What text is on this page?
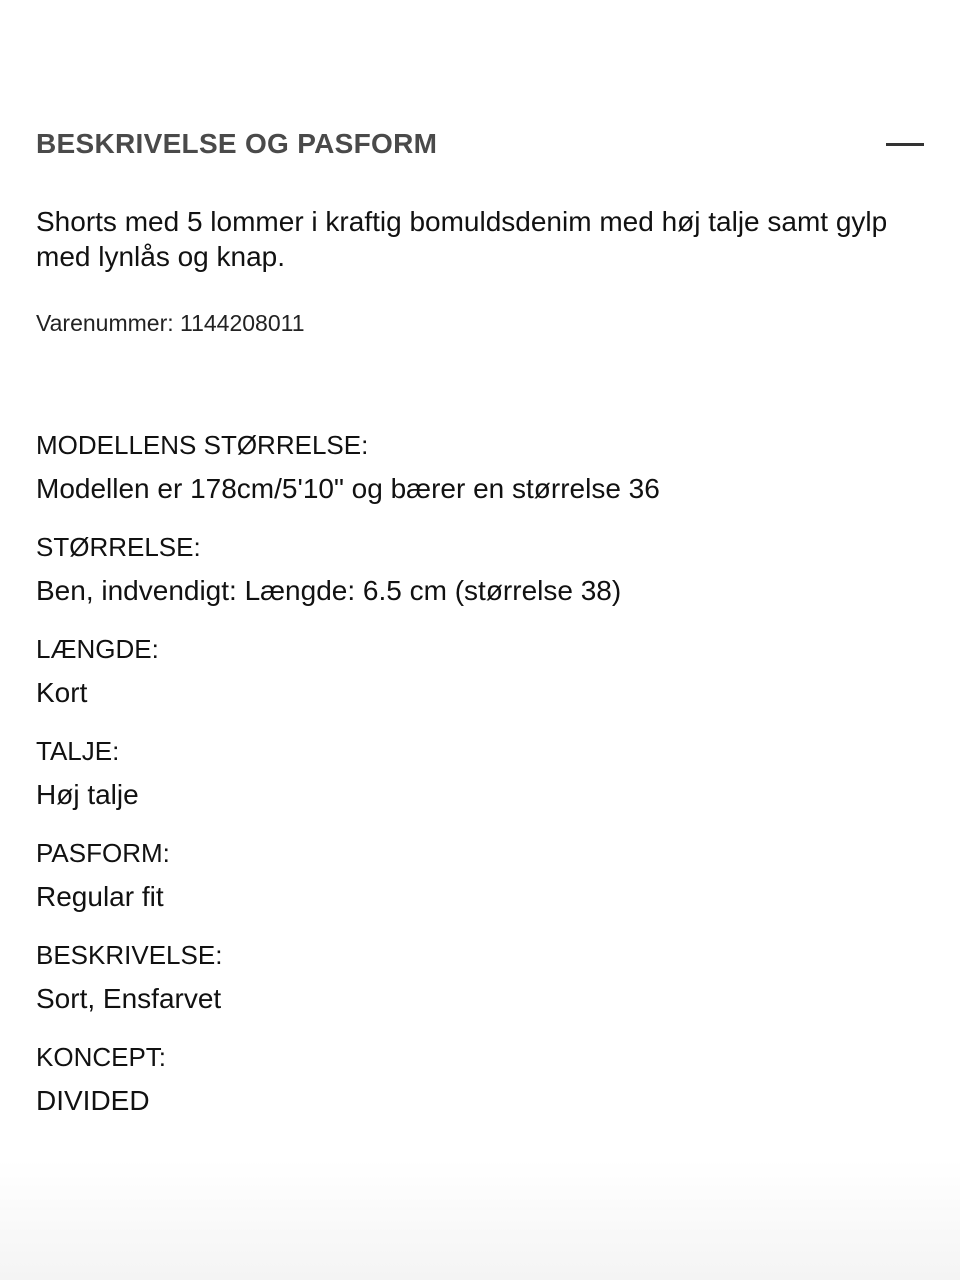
BESKRIVELSE OG PASFORM

Shorts med 5 lommer i kraftig bomuldsdenim med høj talje samt gylp med lynlås og knap.

Varenummer: 1144208011
MODELLENS STØRRELSE:
Modellen er 178cm/5'10" og bærer en størrelse 36
STØRRELSE:
Ben, indvendigt: Længde: 6.5 cm (størrelse 38)
LÆNGDE:
Kort
TALJE:
Høj talje
PASFORM:
Regular fit
BESKRIVELSE:
Sort, Ensfarvet
KONCEPT:
DIVIDED
